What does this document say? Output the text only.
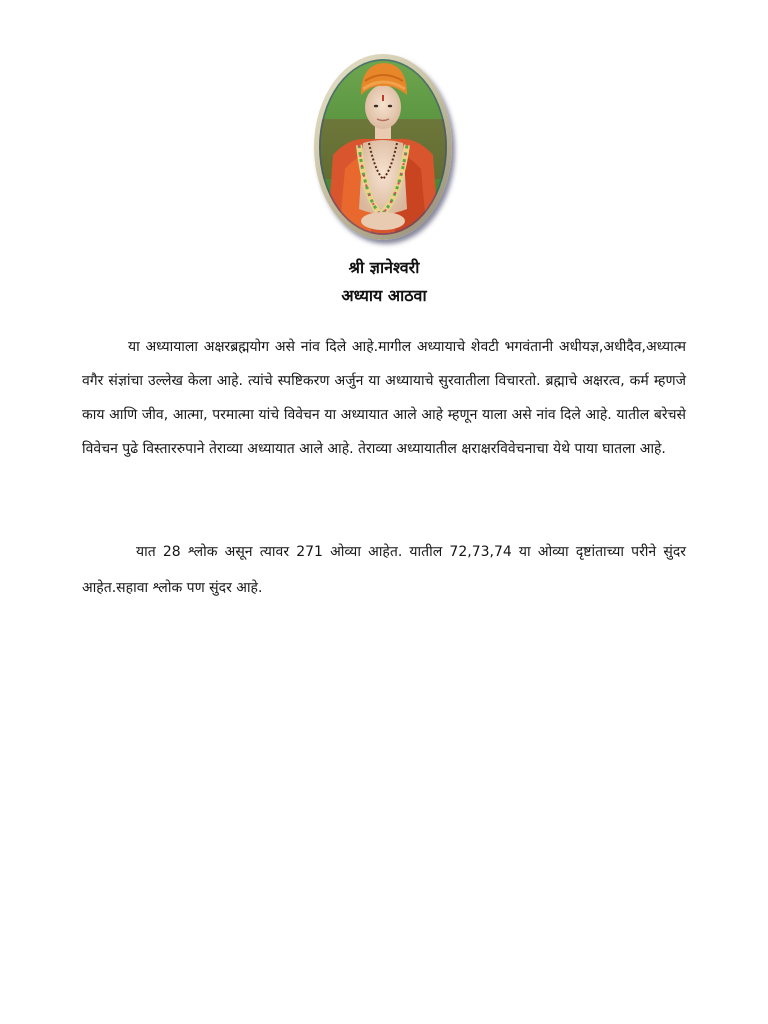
श्री ज्ञानेश्वरी
अध्याय आठवा

या अध्यायाला अक्षरब्रह्मयोग असे नांव दिले आहे.मागील अध्यायाचे शेवटी भगवंतानी अधीयज्ञ,अधीदैव,अध्यात्म वगैर संज्ञांचा उल्लेख केला आहे. त्यांचे स्पष्टिकरण अर्जुन या अध्यायाचे सुरवातीला विचारतो. ब्रह्माचे अक्षरत्व, कर्म म्हणजे काय आणि जीव, आत्मा, परमात्मा यांचे विवेचन या अध्यायात आले आहे म्हणून याला असे नांव दिले आहे. यातील बरेचसे विवेचन पुढे विस्ताररुपाने तेराव्या अध्यायात आले आहे. तेराव्या अध्यायातील क्षराक्षरविवेचनाचा येथे पाया घातला आहे.

यात 28 श्लोक असून त्यावर 271 ओव्या आहेत. यातील 72,73,74 या ओव्या दृष्टांताच्या परीने सुंदर आहेत.सहावा श्लोक पण सुंदर आहे.
